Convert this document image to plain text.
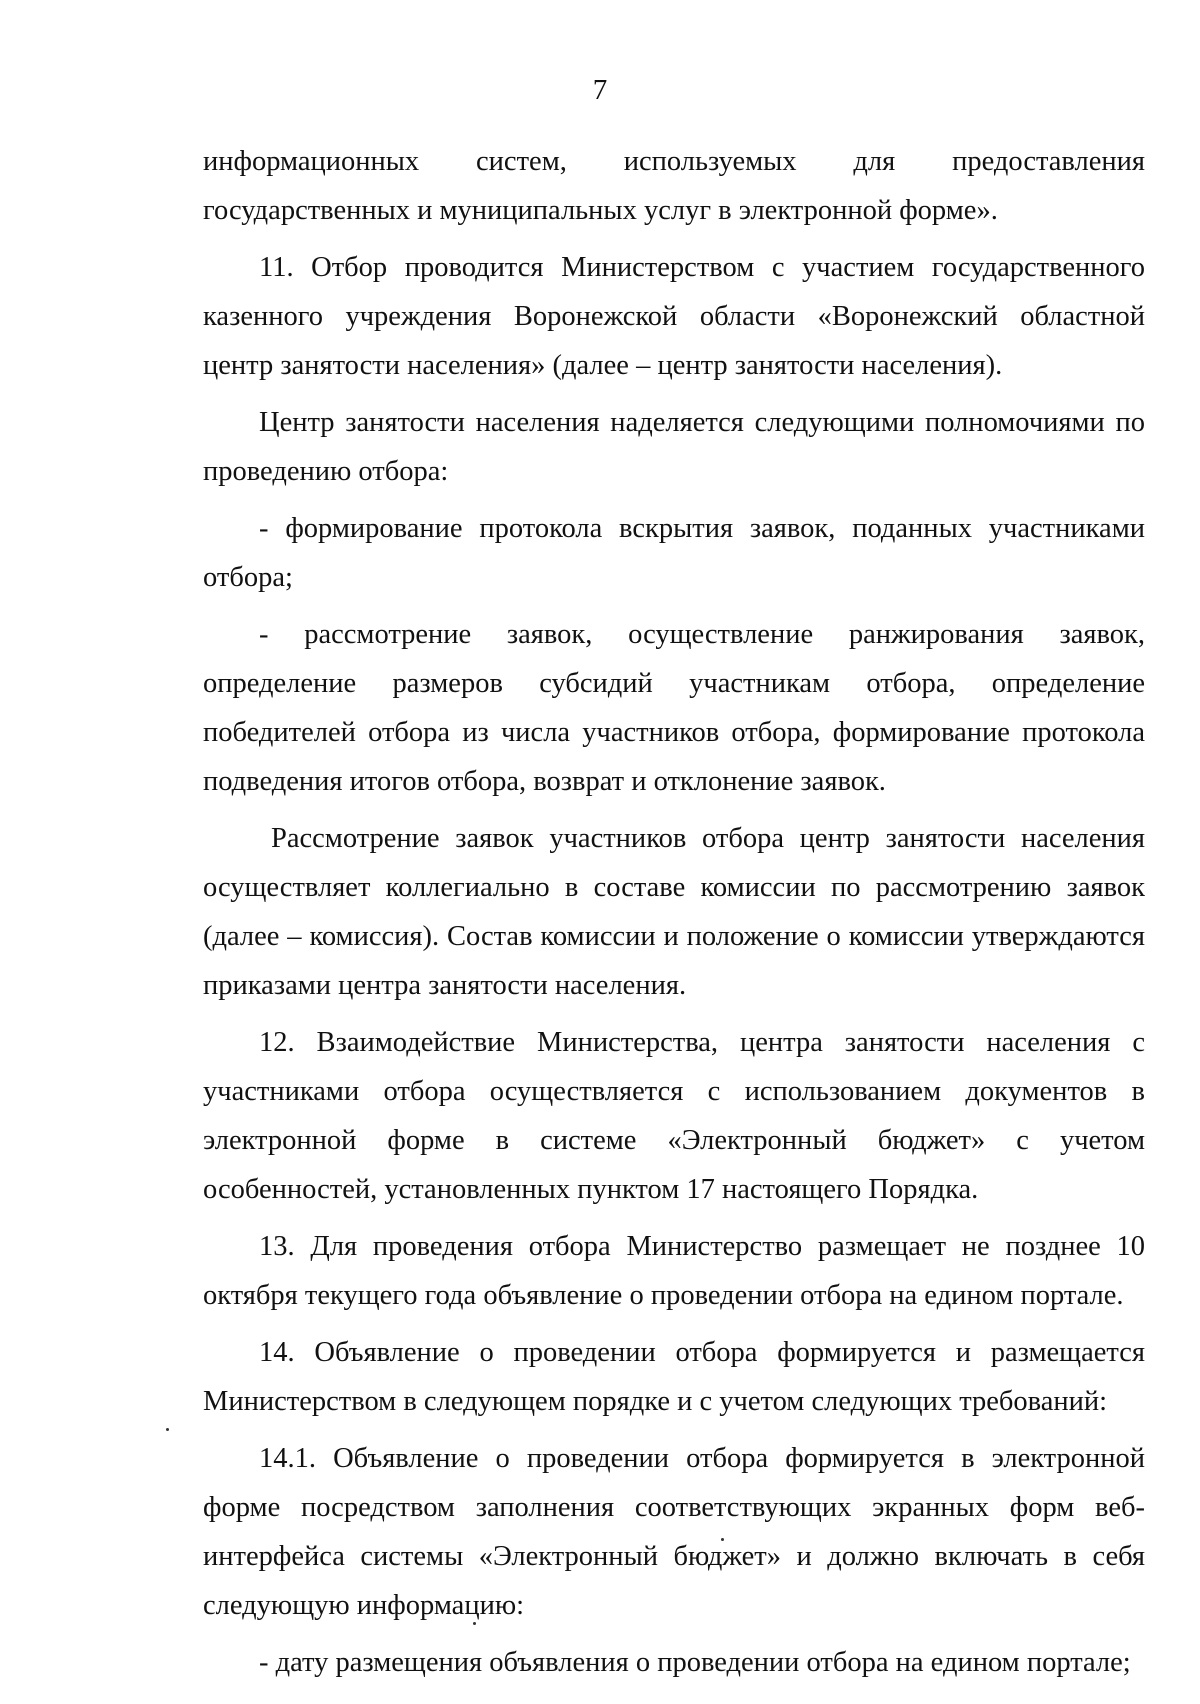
7

информационных систем, используемых для предоставления государственных и муниципальных услуг в электронной форме».

11. Отбор проводится Министерством с участием государственного казенного учреждения Воронежской области «Воронежский областной центр занятости населения» (далее – центр занятости населения).

Центр занятости населения наделяется следующими полномочиями по проведению отбора:

- формирование протокола вскрытия заявок, поданных участниками отбора;

- рассмотрение заявок, осуществление ранжирования заявок, определение размеров субсидий участникам отбора, определение победителей отбора из числа участников отбора, формирование протокола подведения итогов отбора, возврат и отклонение заявок.

Рассмотрение заявок участников отбора центр занятости населения осуществляет коллегиально в составе комиссии по рассмотрению заявок (далее – комиссия). Состав комиссии и положение о комиссии утверждаются приказами центра занятости населения.

12. Взаимодействие Министерства, центра занятости населения с участниками отбора осуществляется с использованием документов в электронной форме в системе «Электронный бюджет» с учетом особенностей, установленных пунктом 17 настоящего Порядка.

13. Для проведения отбора Министерство размещает не позднее 10 октября текущего года объявление о проведении отбора на едином портале.

14. Объявление о проведении отбора формируется и размещается Министерством в следующем порядке и с учетом следующих требований:

14.1. Объявление о проведении отбора формируется в электронной форме посредством заполнения соответствующих экранных форм веб-интерфейса системы «Электронный бюджет» и должно включать в себя следующую информацию:

- дату размещения объявления о проведении отбора на едином портале;
